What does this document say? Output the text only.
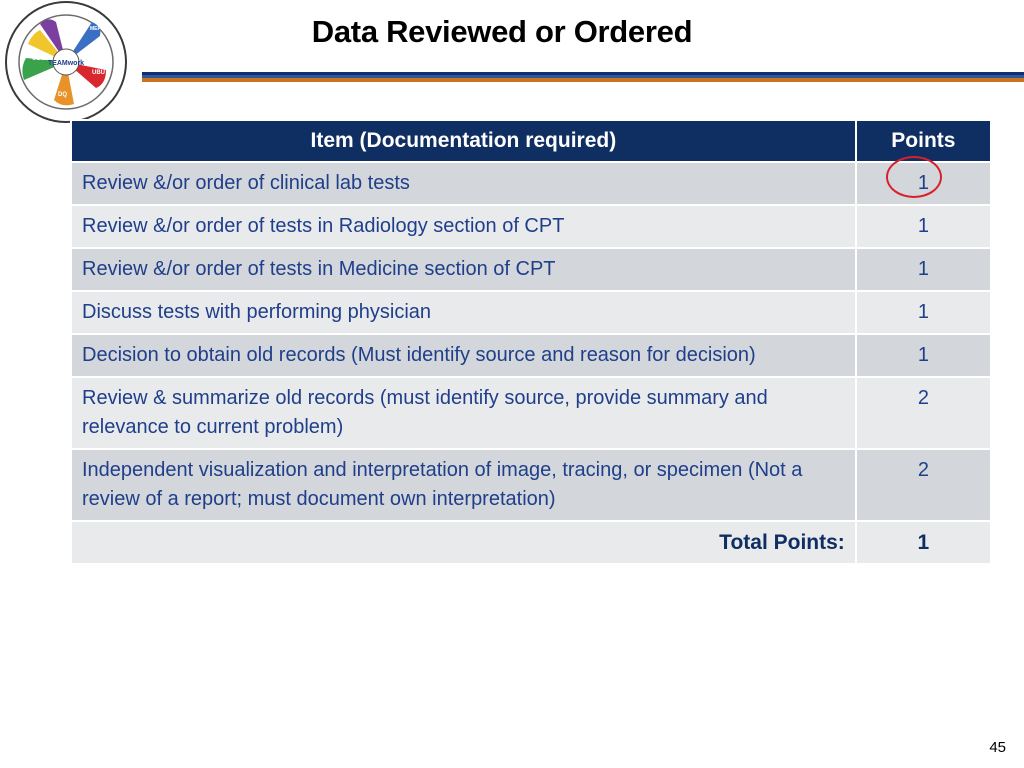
TEAMwork
UBO
MEPRS
UBU
DQ
Data Reviewed or Ordered
Item (Documentation required)	Points
Review &/or order of clinical lab tests	1
Review &/or order of tests in Radiology section of CPT	1
Review &/or order of tests in Medicine section of CPT	1
Discuss tests with performing physician	1
Decision to obtain old records (Must identify source and reason for decision)	1
Review & summarize old records (must identify source, provide summary and relevance to current problem)	2
Independent visualization and interpretation of image, tracing, or specimen (Not a review of a report; must document own interpretation)	2
Total Points:	1
45
